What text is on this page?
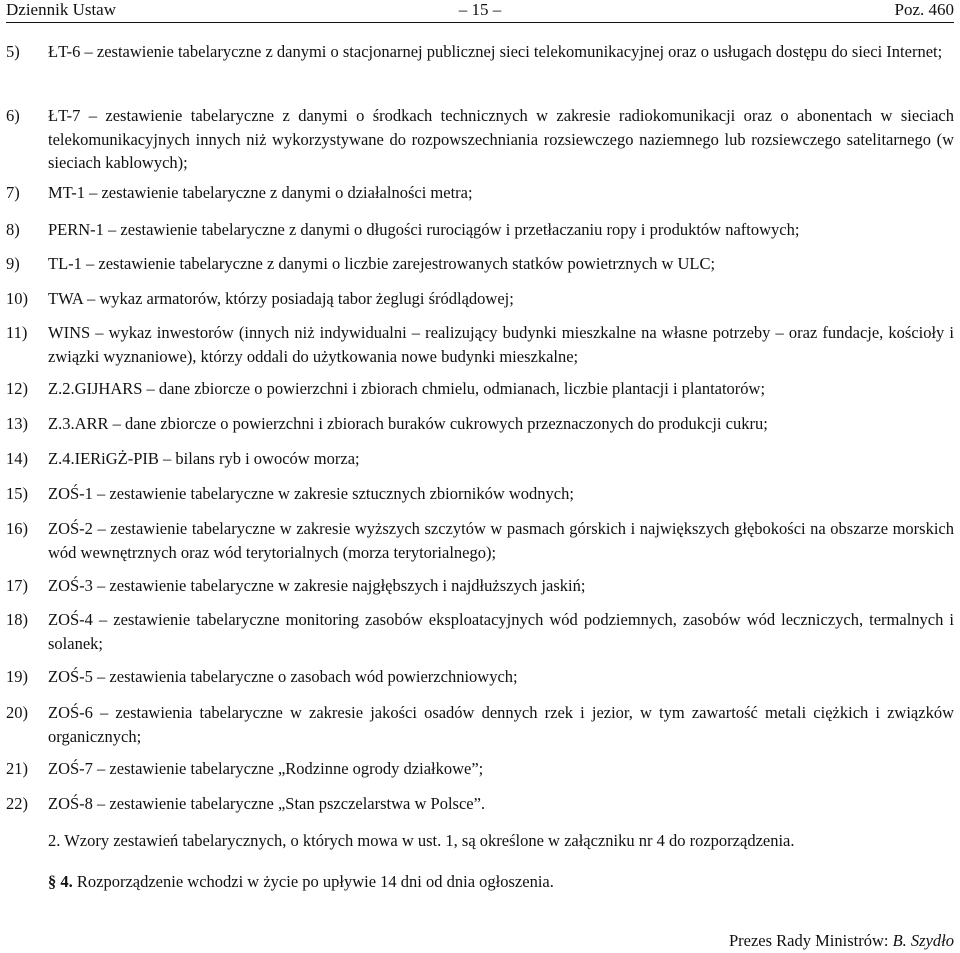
Dziennik Ustaw	– 15 –	Poz. 460
5) ŁT-6 – zestawienie tabelaryczne z danymi o stacjonarnej publicznej sieci telekomunikacyjnej oraz o usługach dostępu do sieci Internet;
6) ŁT-7 – zestawienie tabelaryczne z danymi o środkach technicznych w zakresie radiokomunikacji oraz o abonentach w sieciach telekomunikacyjnych innych niż wykorzystywane do rozpowszechniania rozsiewczego naziemnego lub rozsiewczego satelitarnego (w sieciach kablowych);
7) MT-1 – zestawienie tabelaryczne z danymi o działalności metra;
8) PERN-1 – zestawienie tabelaryczne z danymi o długości rurociągów i przetłaczaniu ropy i produktów naftowych;
9) TL-1 – zestawienie tabelaryczne z danymi o liczbie zarejestrowanych statków powietrznych w ULC;
10) TWA – wykaz armatorów, którzy posiadają tabor żeglugi śródlądowej;
11) WINS – wykaz inwestorów (innych niż indywidualni – realizujący budynki mieszkalne na własne potrzeby – oraz fundacje, kościoły i związki wyznaniowe), którzy oddali do użytkowania nowe budynki mieszkalne;
12) Z.2.GIJHARS – dane zbiorcze o powierzchni i zbiorach chmielu, odmianach, liczbie plantacji i plantatorów;
13) Z.3.ARR – dane zbiorcze o powierzchni i zbiorach buraków cukrowych przeznaczonych do produkcji cukru;
14) Z.4.IERiGŻ-PIB – bilans ryb i owoców morza;
15) ZOŚ-1 – zestawienie tabelaryczne w zakresie sztucznych zbiorników wodnych;
16) ZOŚ-2 – zestawienie tabelaryczne w zakresie wyższych szczytów w pasmach górskich i największych głębokości na obszarze morskich wód wewnętrznych oraz wód terytorialnych (morza terytorialnego);
17) ZOŚ-3 – zestawienie tabelaryczne w zakresie najgłębszych i najdłuższych jaskiń;
18) ZOŚ-4 – zestawienie tabelaryczne monitoring zasobów eksploatacyjnych wód podziemnych, zasobów wód leczniczych, termalnych i solanek;
19) ZOŚ-5 – zestawienia tabelaryczne o zasobach wód powierzchniowych;
20) ZOŚ-6 – zestawienia tabelaryczne w zakresie jakości osadów dennych rzek i jezior, w tym zawartość metali ciężkich i związków organicznych;
21) ZOŚ-7 – zestawienie tabelaryczne „Rodzinne ogrody działkowe”;
22) ZOŚ-8 – zestawienie tabelaryczne „Stan pszczelarstwa w Polsce”.
2. Wzory zestawień tabelarycznych, o których mowa w ust. 1, są określone w załączniku nr 4 do rozporządzenia.
§ 4. Rozporządzenie wchodzi w życie po upływie 14 dni od dnia ogłoszenia.
Prezes Rady Ministrów: B. Szydło
